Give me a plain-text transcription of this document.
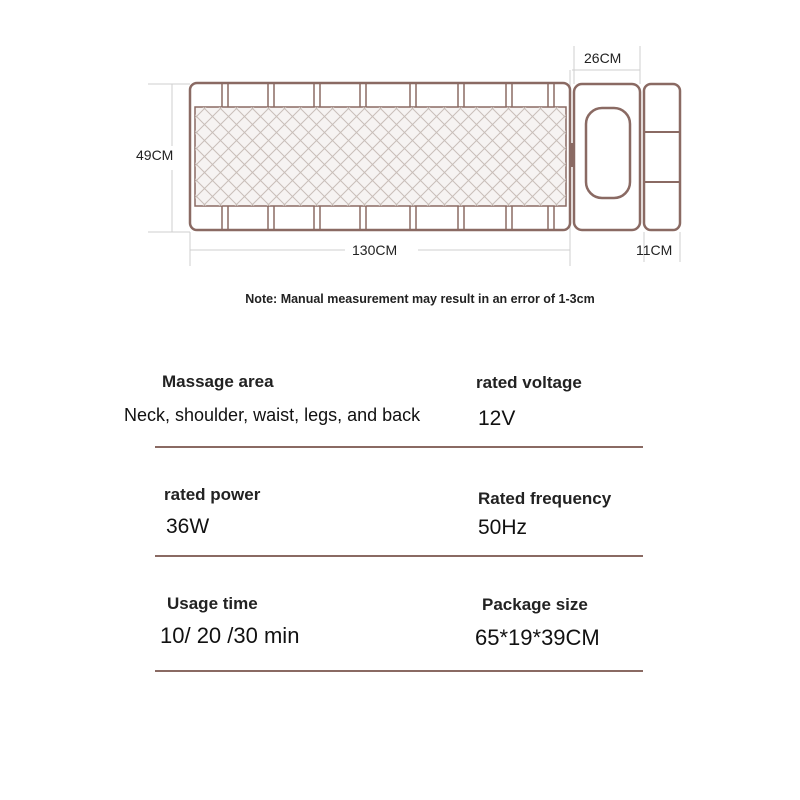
49CM
130CM
26CM
11CM
Note: Manual measurement may result in an error of 1-3cm
Massage area
Neck, shoulder, waist, legs, and back
rated voltage
12V
rated power
36W
Rated frequency
50Hz
Usage time
10/ 20 /30 min
Package size
65*19*39CM
